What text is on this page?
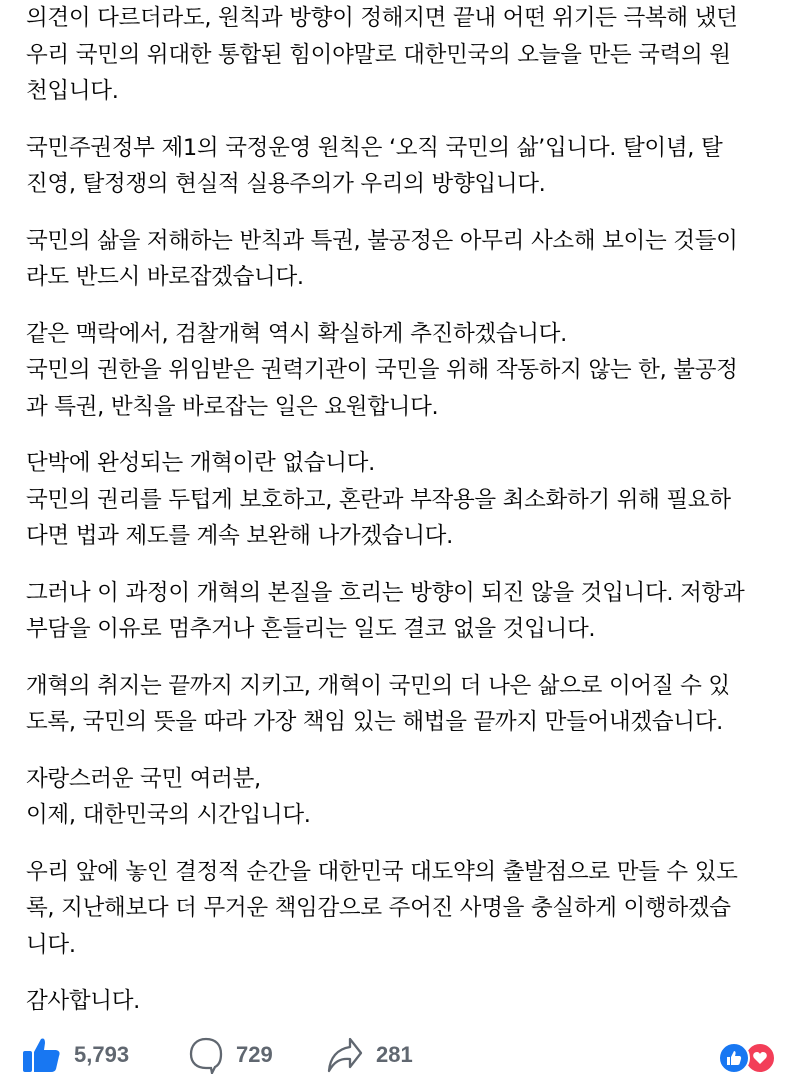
의견이 다르더라도, 원칙과 방향이 정해지면 끝내 어떤 위기든 극복해 냈던
우리 국민의 위대한 통합된 힘이야말로 대한민국의 오늘을 만든 국력의 원
천입니다.

국민주권정부 제1의 국정운영 원칙은 ‘오직 국민의 삶’입니다. 탈이념, 탈
진영, 탈정쟁의 현실적 실용주의가 우리의 방향입니다.

국민의 삶을 저해하는 반칙과 특권, 불공정은 아무리 사소해 보이는 것들이
라도 반드시 바로잡겠습니다.

같은 맥락에서, 검찰개혁 역시 확실하게 추진하겠습니다.
국민의 권한을 위임받은 권력기관이 국민을 위해 작동하지 않는 한, 불공정
과 특권, 반칙을 바로잡는 일은 요원합니다.

단박에 완성되는 개혁이란 없습니다.
국민의 권리를 두텁게 보호하고, 혼란과 부작용을 최소화하기 위해 필요하
다면 법과 제도를 계속 보완해 나가겠습니다.

그러나 이 과정이 개혁의 본질을 흐리는 방향이 되진 않을 것입니다. 저항과
부담을 이유로 멈추거나 흔들리는 일도 결코 없을 것입니다.

개혁의 취지는 끝까지 지키고, 개혁이 국민의 더 나은 삶으로 이어질 수 있
도록, 국민의 뜻을 따라 가장 책임 있는 해법을 끝까지 만들어내겠습니다.

자랑스러운 국민 여러분,
이제, 대한민국의 시간입니다.

우리 앞에 놓인 결정적 순간을 대한민국 대도약의 출발점으로 만들 수 있도
록, 지난해보다 더 무거운 책임감으로 주어진 사명을 충실하게 이행하겠습
니다.

감사합니다.

5,793	729	281
